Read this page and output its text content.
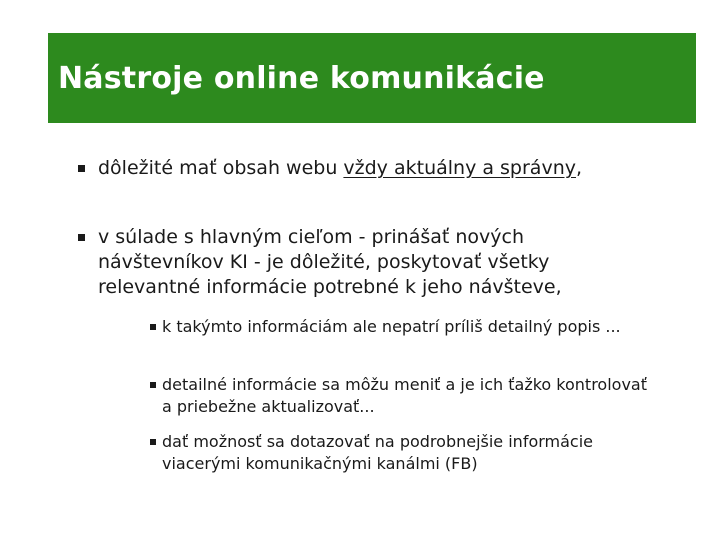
Nástroje online komunikácie
dôležité mať obsah webu vždy aktuálny a správny,
v súlade s hlavným cieľom - prinášať nových návštevníkov KI - je dôležité, poskytovať všetky relevantné informácie potrebné k jeho návšteve,
k takýmto informáciám ale nepatrí príliš detailný popis ...
detailné informácie sa môžu meniť a je ich ťažko kontrolovať a priebežne aktualizovať...
dať možnosť sa dotazovať na podrobnejšie informácie viacerými komunikačnými kanálmi (FB)
